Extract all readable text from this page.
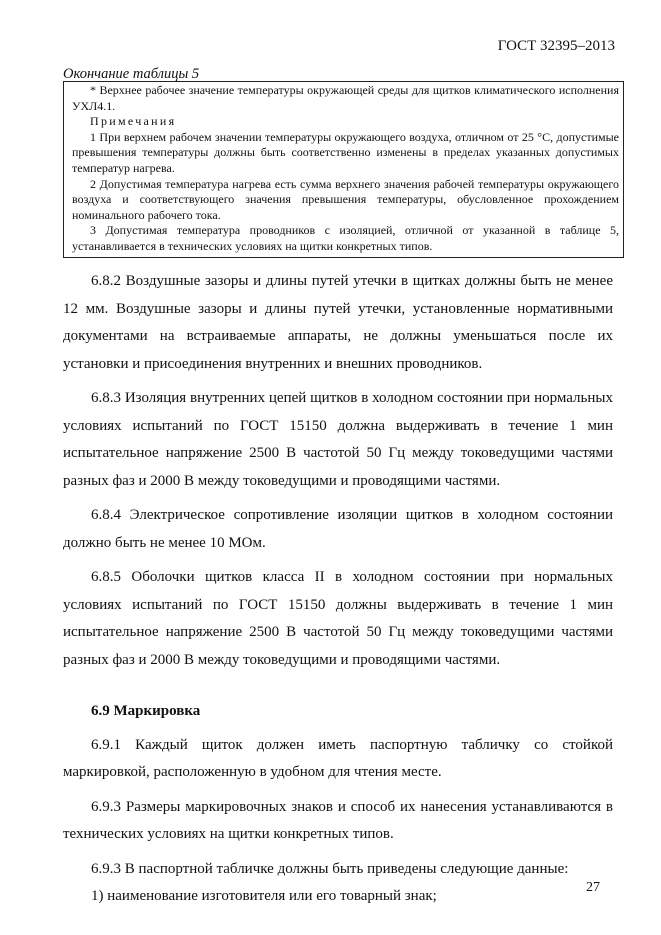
ГОСТ 32395–2013
Окончание таблицы 5

* Верхнее рабочее значение температуры окружающей среды для щитков климатического исполнения УХЛ4.1.

Примечания

1 При верхнем рабочем значении температуры окружающего воздуха, отличном от 25 °С, допустимые превышения температуры должны быть соответственно изменены в пределах указанных допустимых температур нагрева.

2 Допустимая температура нагрева есть сумма верхнего значения рабочей температуры окружающего воздуха и соответствующего значения превышения температуры, обусловленное прохождением номинального рабочего тока.

3 Допустимая температура проводников с изоляцией, отличной от указанной в таблице 5, устанавливается в технических условиях на щитки конкретных типов.

6.8.2 Воздушные зазоры и длины путей утечки в щитках должны быть не менее 12 мм. Воздушные зазоры и длины путей утечки, установленные нормативными документами на встраиваемые аппараты, не должны уменьшаться после их установки и присоединения внутренних и внешних проводников.

6.8.3 Изоляция внутренних цепей щитков в холодном состоянии при нормальных условиях испытаний по ГОСТ 15150 должна выдерживать в течение 1 мин испытательное напряжение 2500 В частотой 50 Гц между токоведущими частями разных фаз и 2000 В между токоведущими и проводящими частями.

6.8.4 Электрическое сопротивление изоляции щитков в холодном состоянии должно быть не менее 10 МОм.

6.8.5 Оболочки щитков класса II в холодном состоянии при нормальных условиях испытаний по ГОСТ 15150 должны выдерживать в течение 1 мин испытательное напряжение 2500 В частотой 50 Гц между токоведущими частями разных фаз и 2000 В между токоведущими и проводящими частями.

6.9 Маркировка

6.9.1 Каждый щиток должен иметь паспортную табличку со стойкой маркировкой, расположенную в удобном для чтения месте.

6.9.3 Размеры маркировочных знаков и способ их нанесения устанавливаются в технических условиях на щитки конкретных типов.

6.9.3 В паспортной табличке должны быть приведены следующие данные:

1) наименование изготовителя или его товарный знак;

27
